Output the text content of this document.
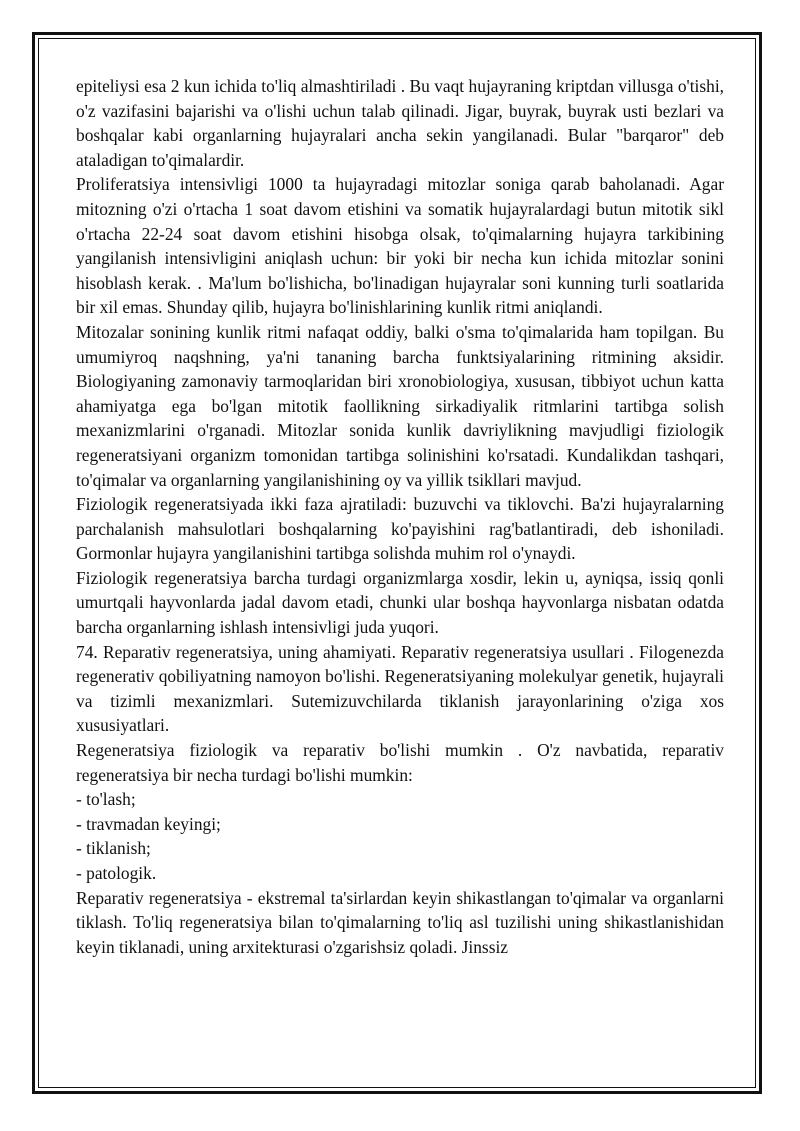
epiteliysi esa 2 kun ichida to'liq almashtiriladi . Bu vaqt hujayraning kriptdan villusga o'tishi, o'z vazifasini bajarishi va o'lishi uchun talab qilinadi. Jigar, buyrak, buyrak usti bezlari va boshqalar kabi organlarning hujayralari ancha sekin yangilanadi. Bular "barqaror" deb ataladigan to'qimalardir.

Proliferatsiya intensivligi 1000 ta hujayradagi mitozlar soniga qarab baholanadi. Agar mitozning o'zi o'rtacha 1 soat davom etishini va somatik hujayralardagi butun mitotik sikl o'rtacha 22-24 soat davom etishini hisobga olsak, to'qimalarning hujayra tarkibining yangilanish intensivligini aniqlash uchun: bir yoki bir necha kun ichida mitozlar sonini hisoblash kerak. . Ma'lum bo'lishicha, bo'linadigan hujayralar soni kunning turli soatlarida bir xil emas. Shunday qilib, hujayra bo'linishlarining kunlik ritmi aniqlandi.

Mitozalar sonining kunlik ritmi nafaqat oddiy, balki o'sma to'qimalarida ham topilgan. Bu umumiyroq naqshning, ya'ni tananing barcha funktsiyalarining ritmining aksidir. Biologiyaning zamonaviy tarmoqlaridan biri xronobiologiya, xususan, tibbiyot uchun katta ahamiyatga ega bo'lgan mitotik faollikning sirkadiyalik ritmlarini tartibga solish mexanizmlarini o'rganadi. Mitozlar sonida kunlik davriylikning mavjudligi fiziologik regeneratsiyani organizm tomonidan tartibga solinishini ko'rsatadi. Kundalikdan tashqari, to'qimalar va organlarning yangilanishining oy va yillik tsikllari mavjud.

Fiziologik regeneratsiyada ikki faza ajratiladi: buzuvchi va tiklovchi. Ba'zi hujayralarning parchalanish mahsulotlari boshqalarning ko'payishini rag'batlantiradi, deb ishoniladi. Gormonlar hujayra yangilanishini tartibga solishda muhim rol o'ynaydi.

Fiziologik regeneratsiya barcha turdagi organizmlarga xosdir, lekin u, ayniqsa, issiq qonli umurtqali hayvonlarda jadal davom etadi, chunki ular boshqa hayvonlarga nisbatan odatda barcha organlarning ishlash intensivligi juda yuqori.

74. Reparativ regeneratsiya, uning ahamiyati. Reparativ regeneratsiya usullari . Filogenezda regenerativ qobiliyatning namoyon bo'lishi. Regeneratsiyaning molekulyar genetik, hujayrali va tizimli mexanizmlari. Sutemizuvchilarda tiklanish jarayonlarining o'ziga xos xususiyatlari.

Regeneratsiya fiziologik va reparativ bo'lishi mumkin . O'z navbatida, reparativ regeneratsiya bir necha turdagi bo'lishi mumkin:

- to'lash;

- travmadan keyingi;

- tiklanish;

- patologik.

Reparativ regeneratsiya - ekstremal ta'sirlardan keyin shikastlangan to'qimalar va organlarni tiklash. To'liq regeneratsiya bilan to'qimalarning to'liq asl tuzilishi uning shikastlanishidan keyin tiklanadi, uning arxitekturasi o'zgarishsiz qoladi. Jinssiz
